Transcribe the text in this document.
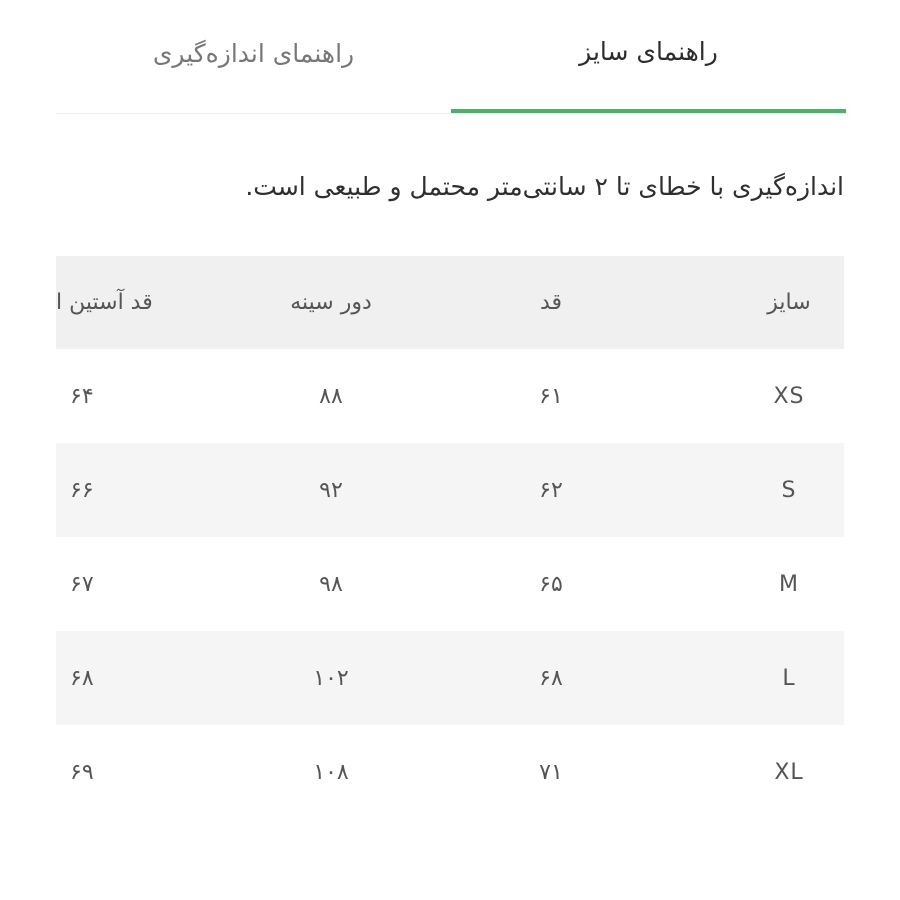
راهنمای سایز
راهنمای اندازه‌گیری
اندازه‌گیری با خطای تا ۲ سانتی‌متر محتمل و طبیعی است.
سایز
قد
دور سینه
قد آستین ا
XS
۶۱
۸۸
۶۴
S
۶۲
۹۲
۶۶
M
۶۵
۹۸
۶۷
L
۶۸
۱۰۲
۶۸
XL
۷۱
۱۰۸
۶۹
